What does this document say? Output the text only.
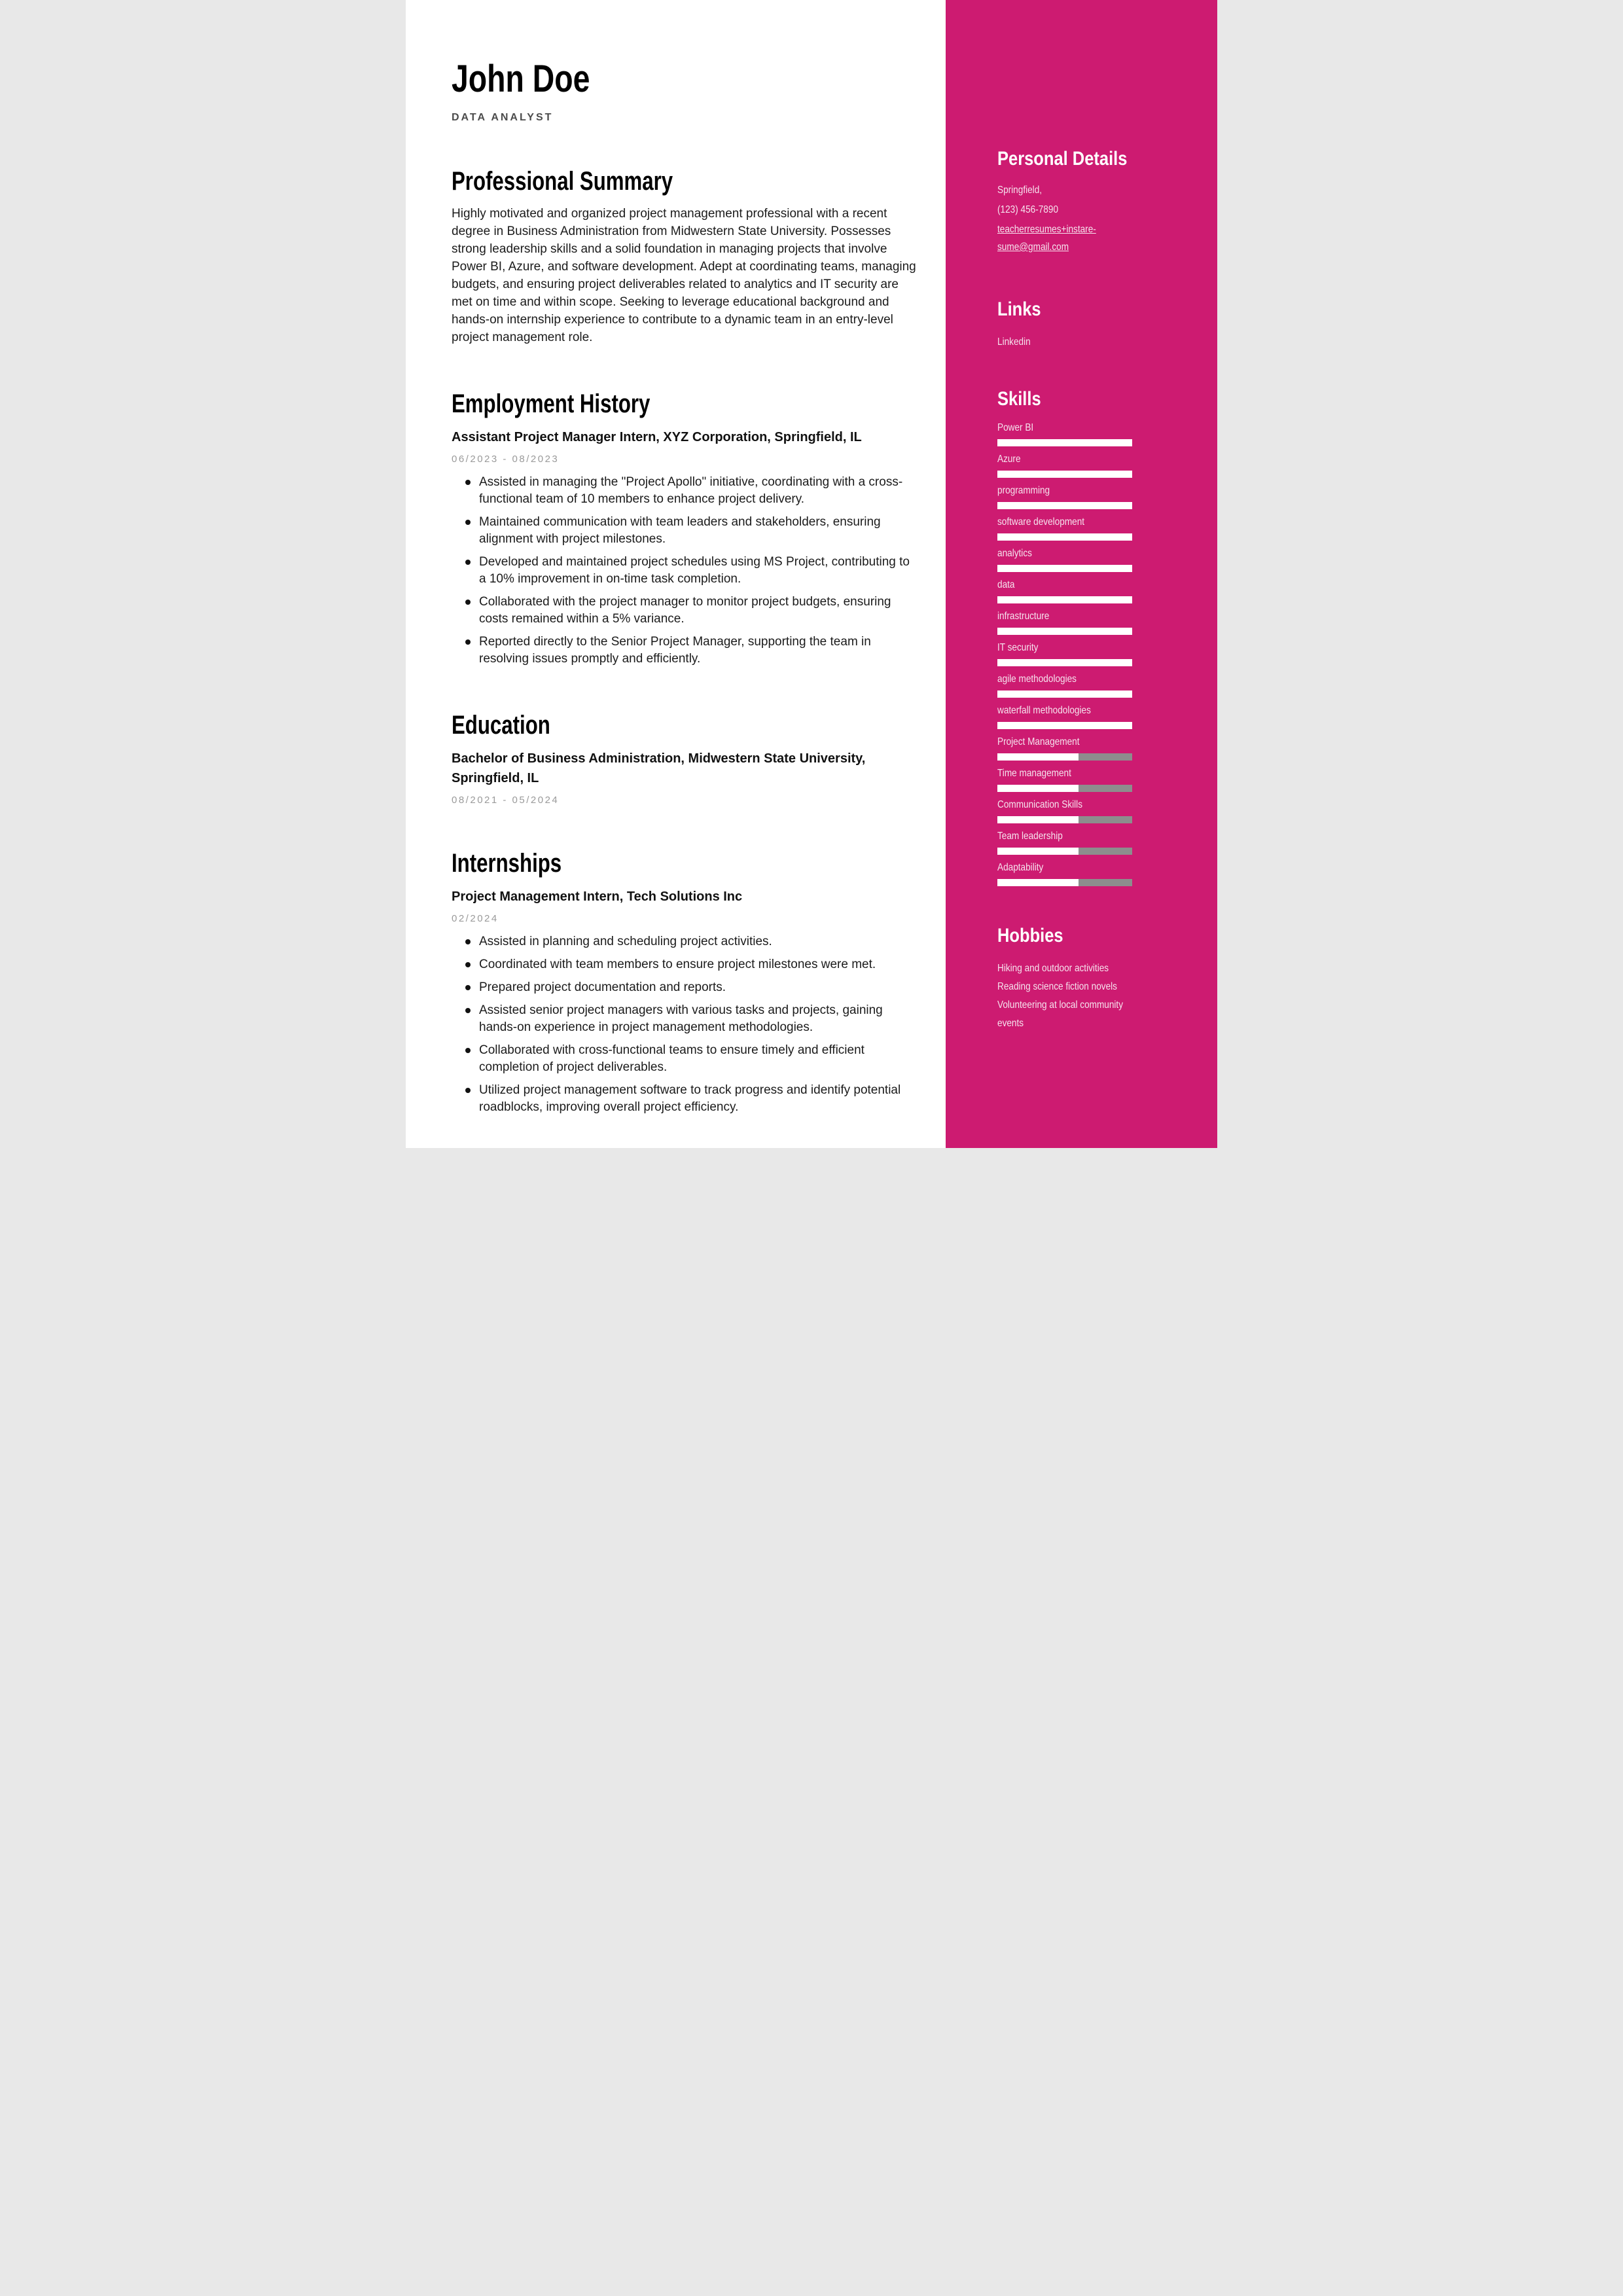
John Doe
DATA ANALYST
Professional Summary

Highly motivated and organized project management professional with a recent degree in Business Administration from Midwestern State University. Possesses strong leadership skills and a solid foundation in managing projects that involve Power BI, Azure, and software development. Adept at coordinating teams, managing budgets, and ensuring project deliverables related to analytics and IT security are met on time and within scope. Seeking to leverage educational background and hands-on internship experience to contribute to a dynamic team in an entry-level project management role.

Employment History
Assistant Project Manager Intern, XYZ Corporation, Springfield, IL
06/2023 - 08/2023
Assisted in managing the "Project Apollo" initiative, coordinating with a cross-functional team of 10 members to enhance project delivery.
Maintained communication with team leaders and stakeholders, ensuring alignment with project milestones.
Developed and maintained project schedules using MS Project, contributing to a 10% improvement in on-time task completion.
Collaborated with the project manager to monitor project budgets, ensuring costs remained within a 5% variance.
Reported directly to the Senior Project Manager, supporting the team in resolving issues promptly and efficiently.
Education
Bachelor of Business Administration, Midwestern State University, Springfield, IL
08/2021 - 05/2024
Internships
Project Management Intern, Tech Solutions Inc
02/2024
Assisted in planning and scheduling project activities.
Coordinated with team members to ensure project milestones were met.
Prepared project documentation and reports.
Assisted senior project managers with various tasks and projects, gaining hands-on experience in project management methodologies.
Collaborated with cross-functional teams to ensure timely and efficient completion of project deliverables.
Utilized project management software to track progress and identify potential roadblocks, improving overall project efficiency.
Personal Details
Springfield,
(123) 456-7890
teacherresumes+instare-
sume@gmail.com
Links
Linkedin
Skills
Power BI
Azure
programming
software development
analytics
data
infrastructure
IT security
agile methodologies
waterfall methodologies
Project Management
Time management
Communication Skills
Team leadership
Adaptability
Hobbies
Hiking and outdoor activities
Reading science fiction novels
Volunteering at local community events
